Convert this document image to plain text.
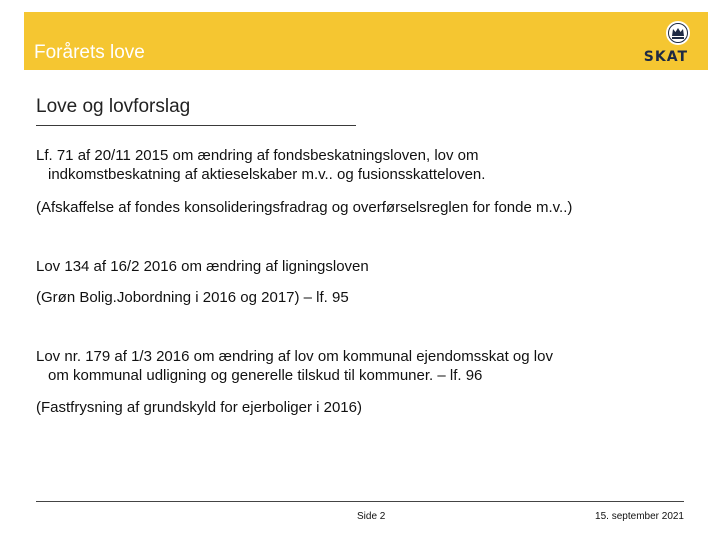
Forårets love	SKAT
Love og lovforslag
Lf. 71 af 20/11 2015 om ændring af fondsbeskatningsloven, lov om
indkomstbeskatning af aktieselskaber m.v.. og fusionsskatteloven.
(Afskaffelse af fondes konsolideringsfradrag og overførselsreglen for fonde m.v..)
Lov 134 af 16/2 2016 om ændring af ligningsloven
(Grøn Bolig.Jobordning i 2016 og 2017) – lf. 95
Lov nr. 179 af 1/3 2016 om ændring af lov om kommunal ejendomsskat og lov
om kommunal udligning og generelle tilskud til kommuner. – lf. 96
(Fastfrysning af grundskyld for ejerboliger i 2016)
Side 2	15. september 2021
